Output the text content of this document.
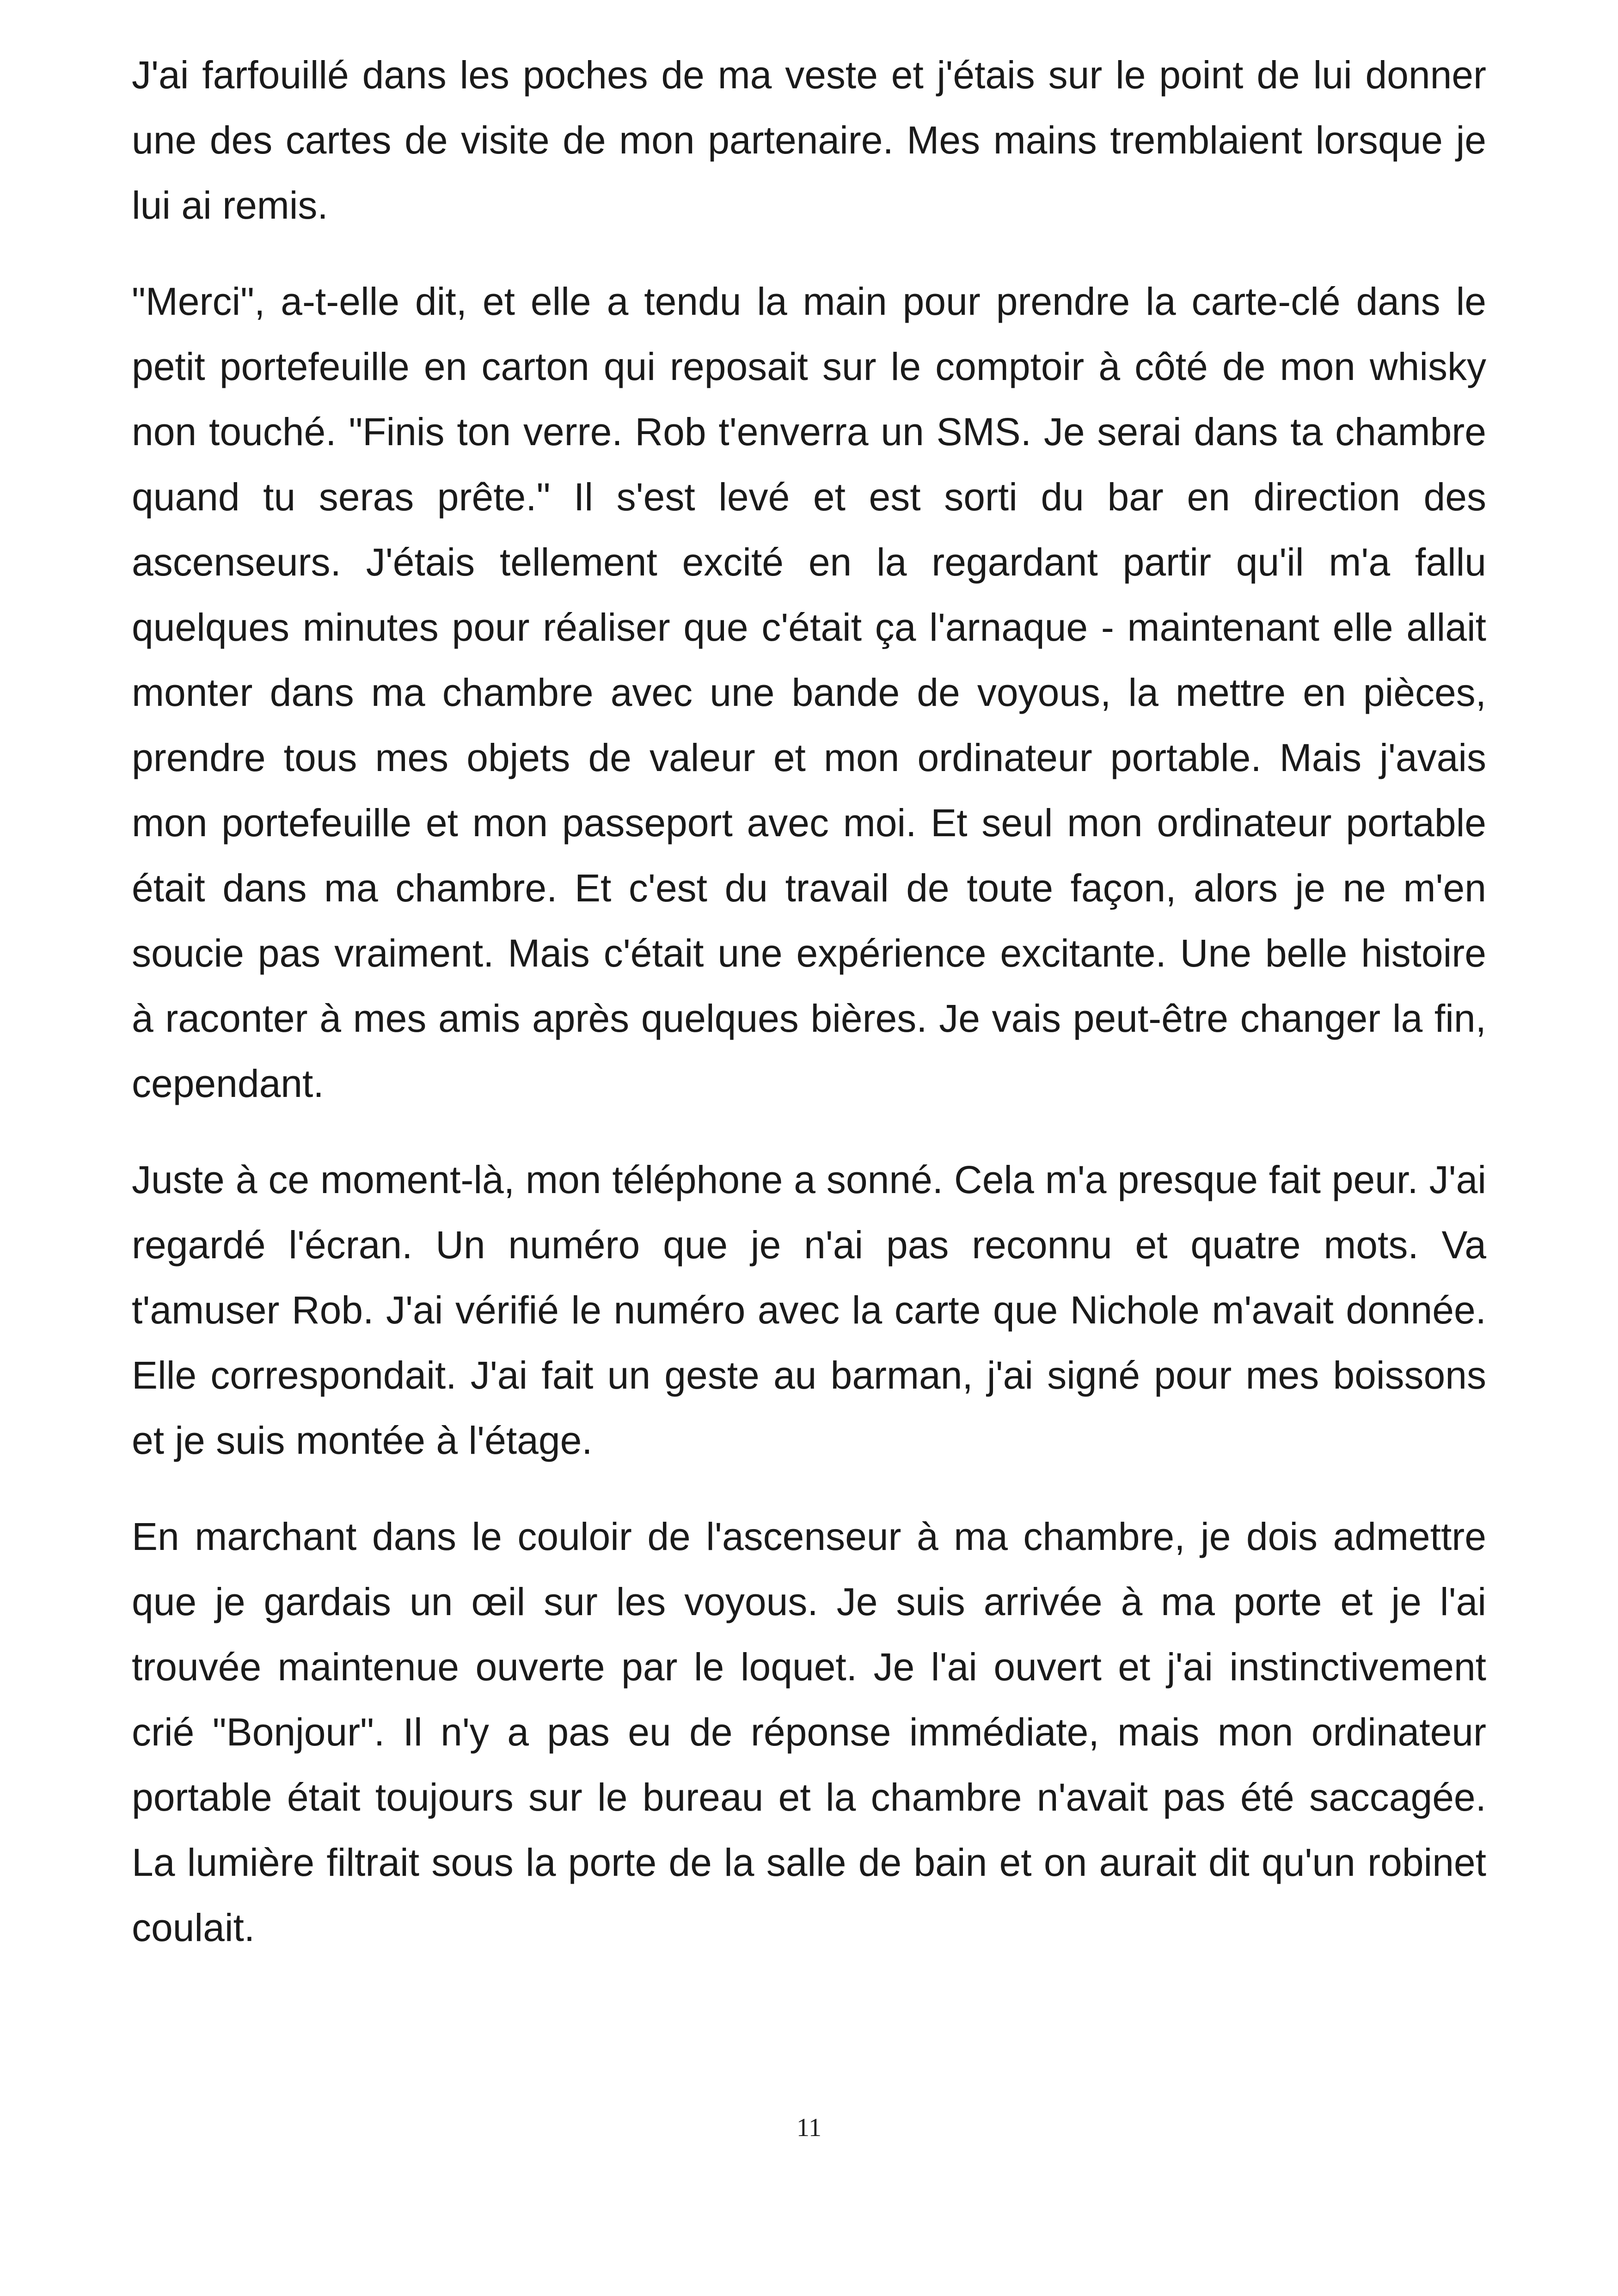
J'ai farfouillé dans les poches de ma veste et j'étais sur le point de lui donner une des cartes de visite de mon partenaire. Mes mains tremblaient lorsque je lui ai remis.

"Merci", a-t-elle dit, et elle a tendu la main pour prendre la carte-clé dans le petit portefeuille en carton qui reposait sur le comptoir à côté de mon whisky non touché. "Finis ton verre. Rob t'enverra un SMS. Je serai dans ta chambre quand tu seras prête." Il s'est levé et est sorti du bar en direction des ascenseurs. J'étais tellement excité en la regardant partir qu'il m'a fallu quelques minutes pour réaliser que c'était ça l'arnaque - maintenant elle allait monter dans ma chambre avec une bande de voyous, la mettre en pièces, prendre tous mes objets de valeur et mon ordinateur portable. Mais j'avais mon portefeuille et mon passeport avec moi. Et seul mon ordinateur portable était dans ma chambre. Et c'est du travail de toute façon, alors je ne m'en soucie pas vraiment. Mais c'était une expérience excitante. Une belle histoire à raconter à mes amis après quelques bières. Je vais peut-être changer la fin, cependant.

Juste à ce moment-là, mon téléphone a sonné. Cela m'a presque fait peur. J'ai regardé l'écran. Un numéro que je n'ai pas reconnu et quatre mots. Va t'amuser Rob. J'ai vérifié le numéro avec la carte que Nichole m'avait donnée. Elle correspondait. J'ai fait un geste au barman, j'ai signé pour mes boissons et je suis montée à l'étage.

En marchant dans le couloir de l'ascenseur à ma chambre, je dois admettre que je gardais un œil sur les voyous. Je suis arrivée à ma porte et je l'ai trouvée maintenue ouverte par le loquet. Je l'ai ouvert et j'ai instinctivement crié "Bonjour". Il n'y a pas eu de réponse immédiate, mais mon ordinateur portable était toujours sur le bureau et la chambre n'avait pas été saccagée. La lumière filtrait sous la porte de la salle de bain et on aurait dit qu'un robinet coulait.

11
